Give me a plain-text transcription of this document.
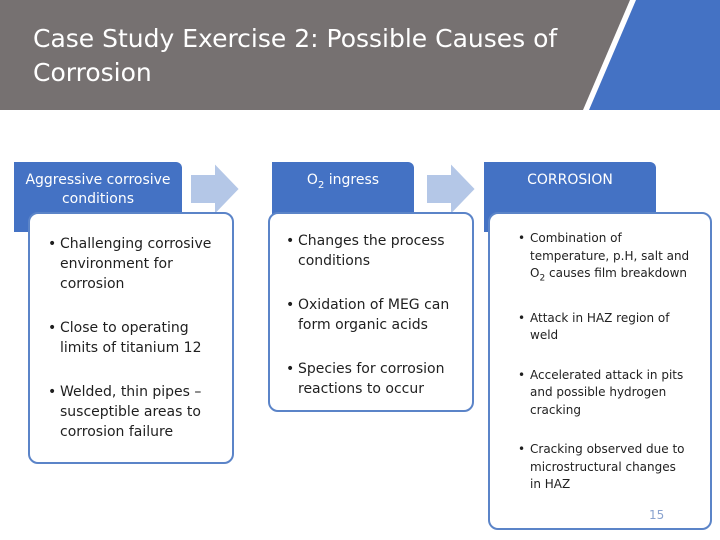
Case Study Exercise 2: Possible Causes of Corrosion
Aggressive corrosive conditions
$O_2$ ingress	CORROSION
• Challenging corrosive environment for corrosion
• Close to operating limits of titanium 12
• Welded, thin pipes – susceptible areas to corrosion failure
• Changes the process conditions
• Oxidation of MEG can form organic acids
• Species for corrosion reactions to occur
• Combination of temperature, p.H, salt and $O_2$ causes film breakdown
• Attack in HAZ region of weld
• Accelerated attack in pits and possible hydrogen cracking
• Cracking observed due to microstructural changes in HAZ
15
